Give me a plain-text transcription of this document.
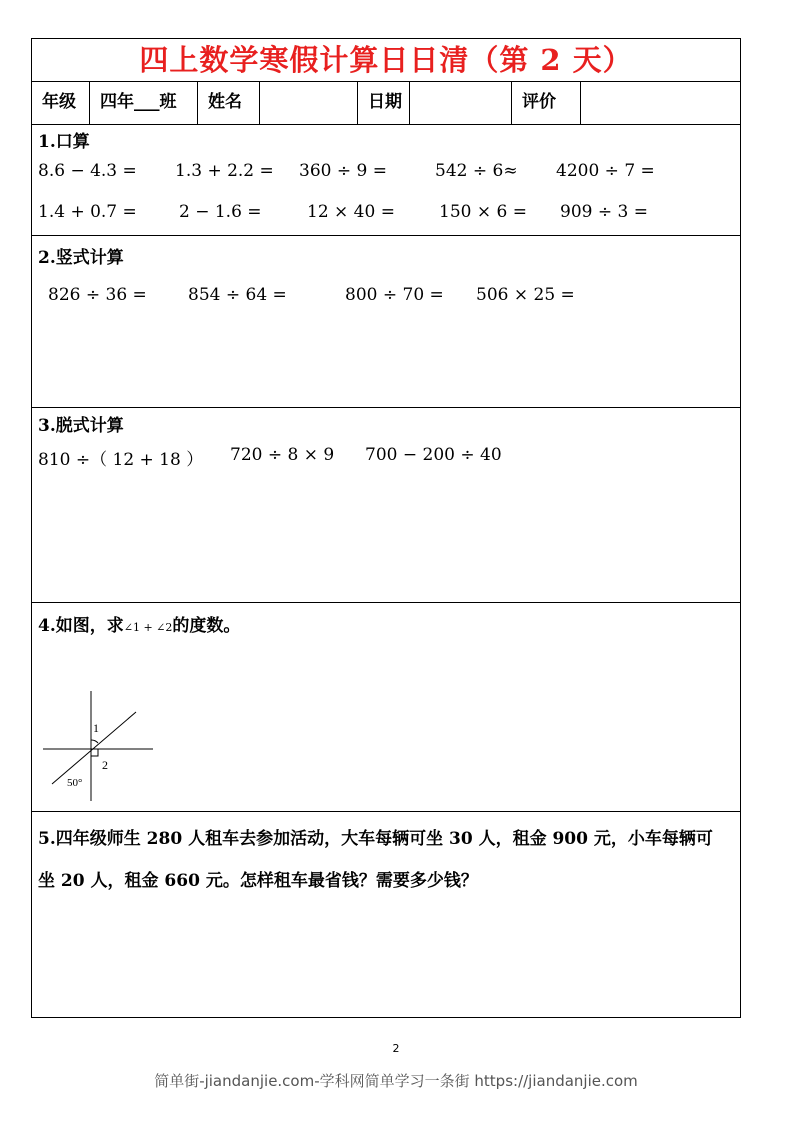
四上数学寒假计算日日清（第 2 天）
年级	四年___班	姓名	日期	评价
1.口算
8.6 − 4.3 = 1.3 + 2.2 = 360 ÷ 9 =	542 ÷ 6≈ 4200 ÷ 7 =
1.4 + 0.7 = 2 − 1.6 =	12 × 40 =	150 × 6 = 909 ÷ 3 =
2.竖式计算
826 ÷ 36 = 854 ÷ 64 =	800 ÷ 70 = 506 × 25 =
3.脱式计算
810 ÷（ 12 + 18 ） 720 ÷ 8 × 9 700 − 200 ÷ 40
4.如图，求∠1 + ∠2的度数。
1
2
50°
5.四年级师生 280 人租车去参加活动，大车每辆可坐 30 人，租金 900 元，小车每辆可
坐 20 人，租金 660 元。怎样租车最省钱？需要多少钱？
2
简单街-jiandanjie.com-学科网简单学习一条街 https://jiandanjie.com
